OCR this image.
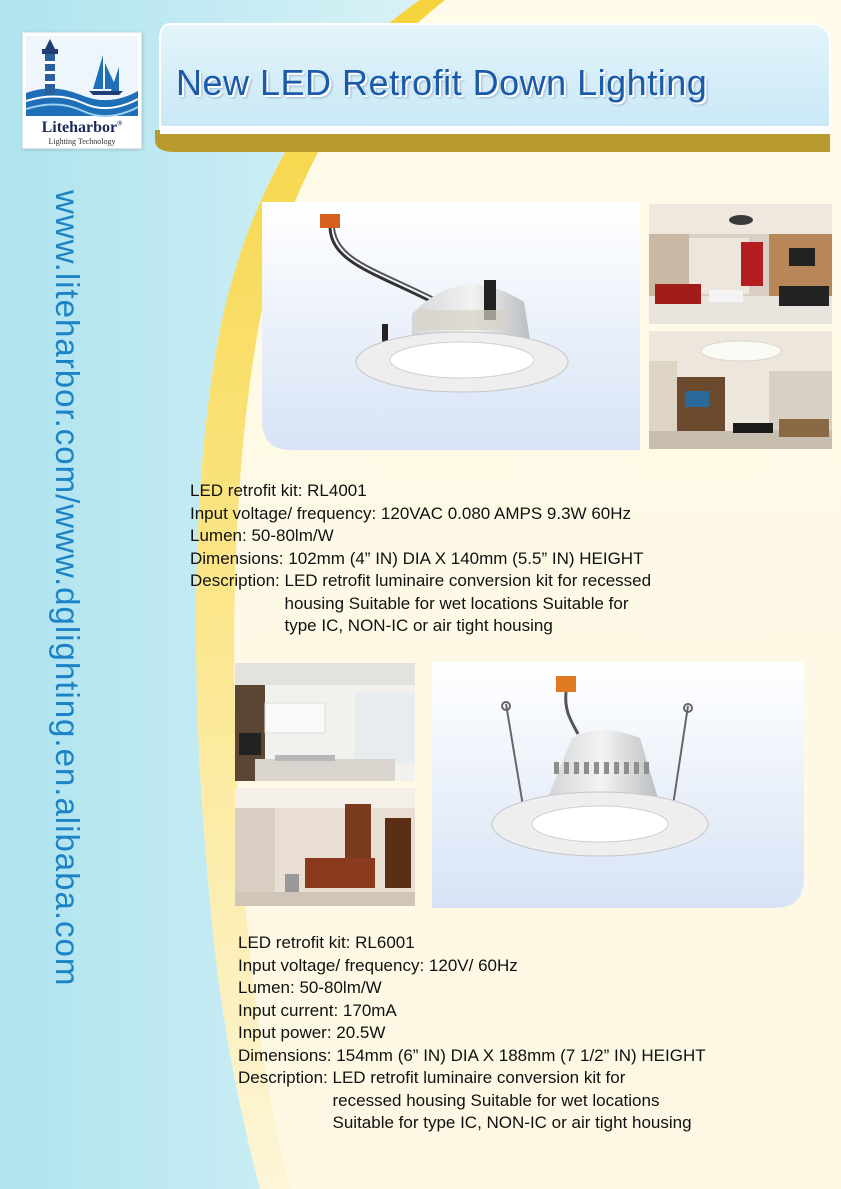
Liteharbor®
Lighting Technology
New LED Retrofit Down Lighting
www.liteharbor.com/www.dglighting.en.alibaba.com	LED retrofit kit: RL4001
Input voltage/ frequency:
120VAC 0.080 AMPS 9.3W 60Hz
Lumen:
50-80lm/W
Dimensions:
102mm (4” IN) DIA X 140mm (5.5” IN) HEIGHT
Description:
LED retrofit luminaire conversion kit for recessed
housing Suitable for wet locations Suitable for
type IC, NON-IC or air tight housing
LED retrofit kit: RL6001
Input voltage/ frequency:
120V/ 60Hz
Lumen:
50-80lm/W
Input current:
170mA
Input power:
20.5W
Dimensions:
154mm (6” IN) DIA X 188mm (7 1/2” IN) HEIGHT
Description:
LED retrofit luminaire conversion kit for
recessed housing Suitable for wet locations
Suitable for type IC, NON-IC or air tight housing
